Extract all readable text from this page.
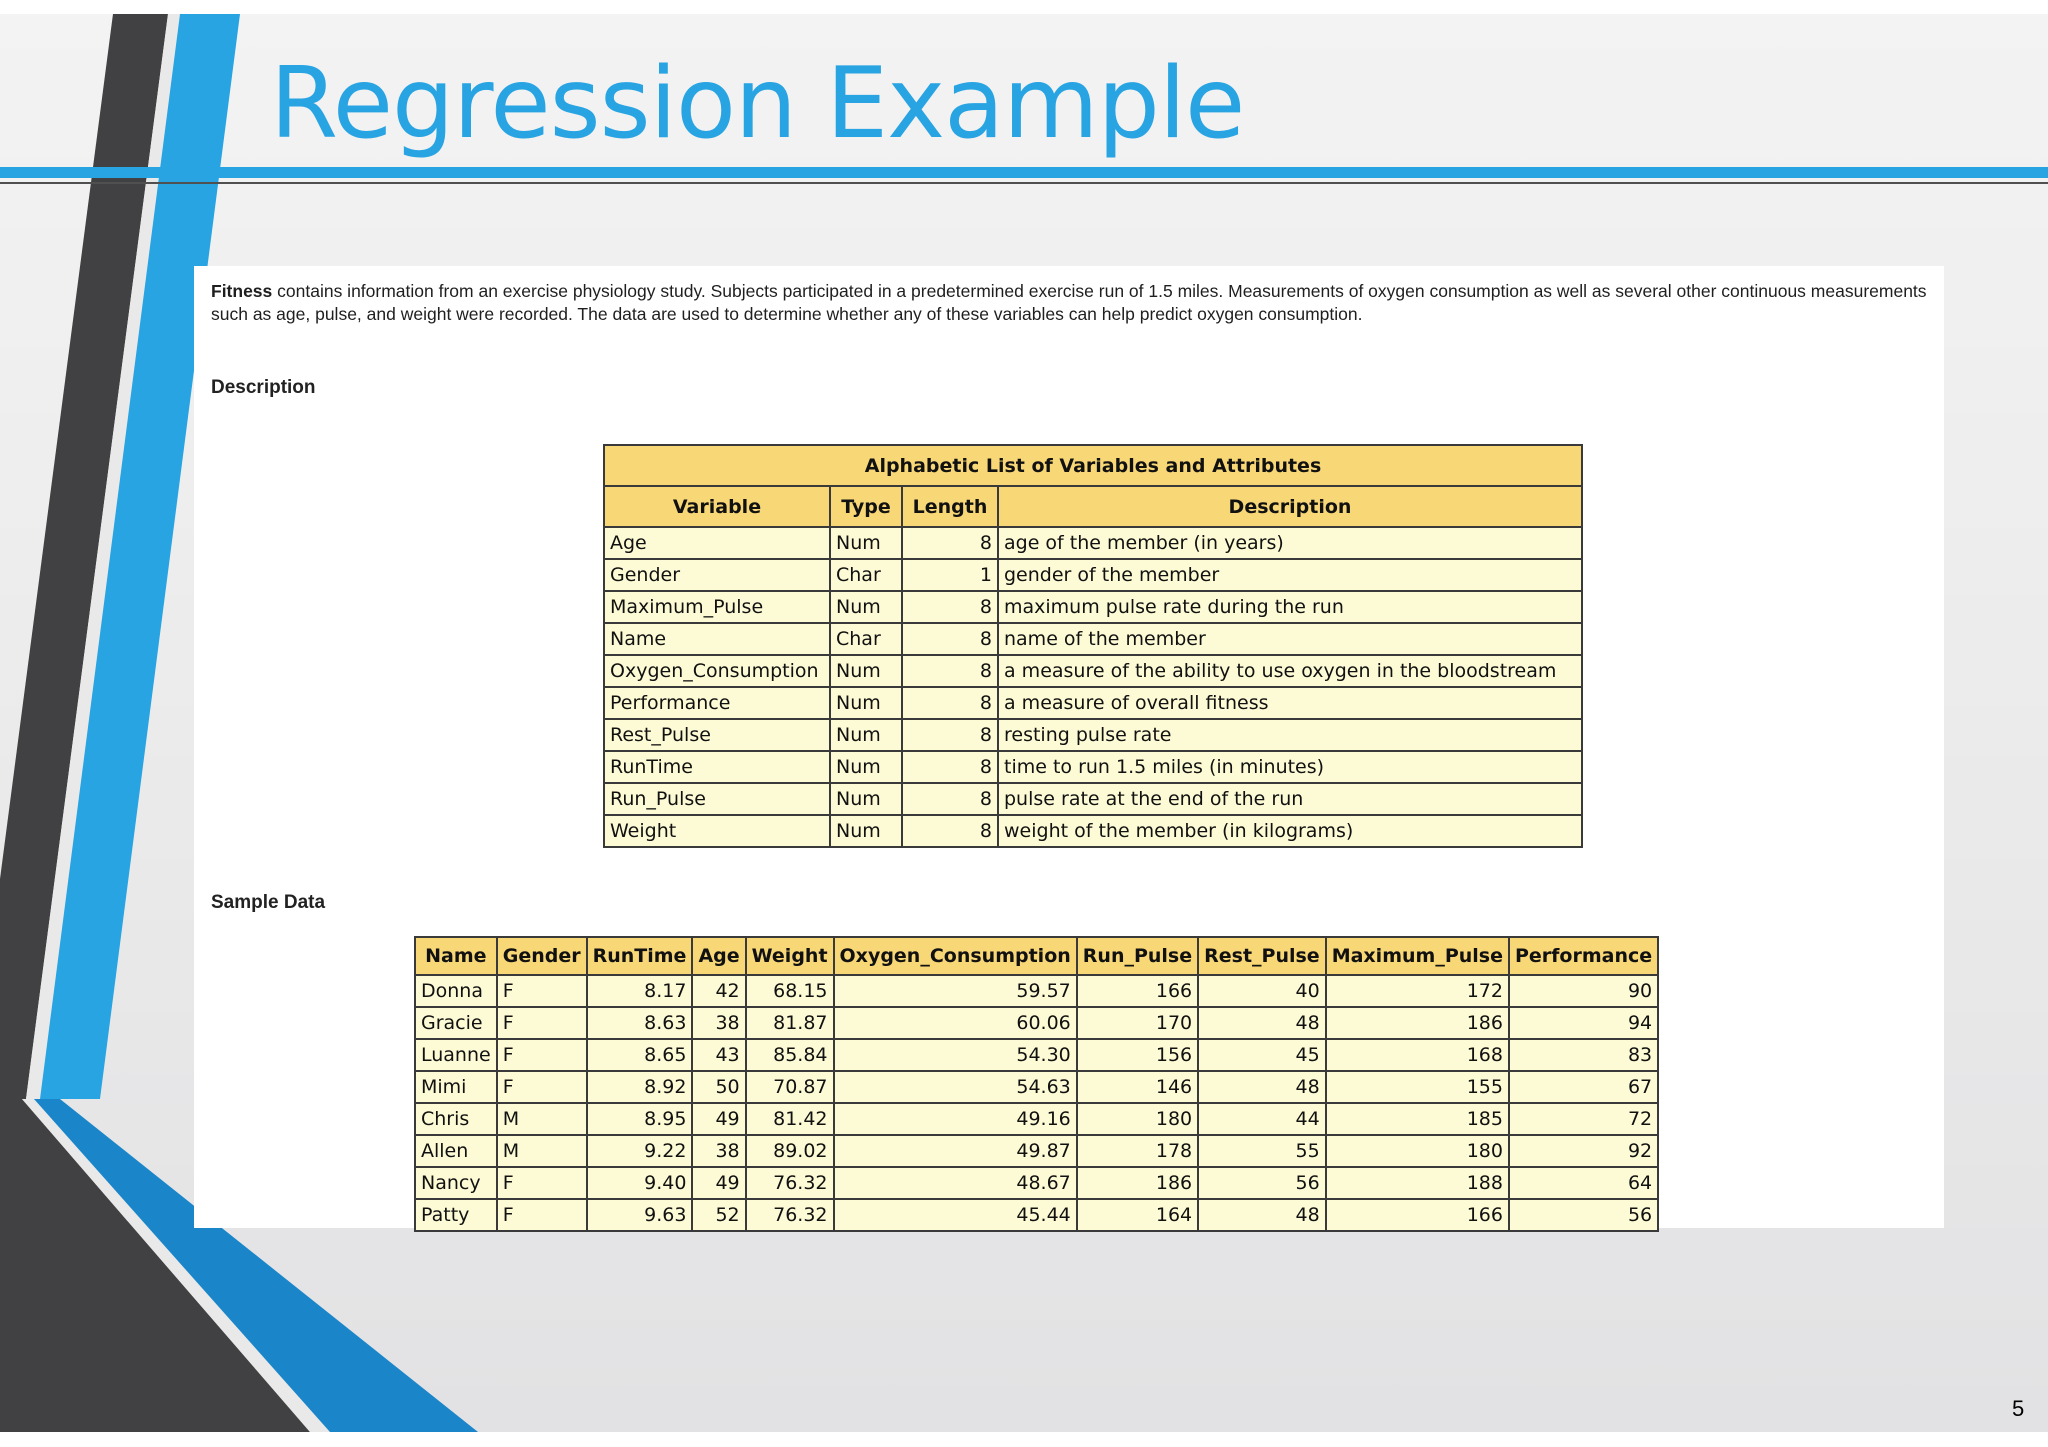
Regression Example

Fitness contains information from an exercise physiology study. Subjects participated in a predetermined exercise run of 1.5 miles. Measurements of oxygen consumption as well as several other continuous measurements such as age, pulse, and weight were recorded. The data are used to determine whether any of these variables can help predict oxygen consumption.

Description

Alphabetic List of Variables and Attributes			
Variable	Type	Length	Description
Age	Num	8	age of the member (in years)
Gender	Char	1	gender of the member
Maximum_Pulse	Num	8	maximum pulse rate during the run
Name	Char	8	name of the member
Oxygen_Consumption	Num	8	a measure of the ability to use oxygen in the bloodstream
Performance	Num	8	a measure of overall fitness
Rest_Pulse	Num	8	resting pulse rate
RunTime	Num	8	time to run 1.5 miles (in minutes)
Run_Pulse	Num	8	pulse rate at the end of the run
Weight	Num	8	weight of the member (in kilograms)

Sample Data

Name	Gender	RunTime	Age	Weight	Oxygen_Consumption	Run_Pulse	Rest_Pulse	Maximum_Pulse	Performance
Donna	F	8.17	42	68.15	59.57	166	40	172	90
Gracie	F	8.63	38	81.87	60.06	170	48	186	94
Luanne	F	8.65	43	85.84	54.30	156	45	168	83
Mimi	F	8.92	50	70.87	54.63	146	48	155	67
Chris	M	8.95	49	81.42	49.16	180	44	185	72
Allen	M	9.22	38	89.02	49.87	178	55	180	92
Nancy	F	9.40	49	76.32	48.67	186	56	188	64
Patty	F	9.63	52	76.32	45.44	164	48	166	56
5
